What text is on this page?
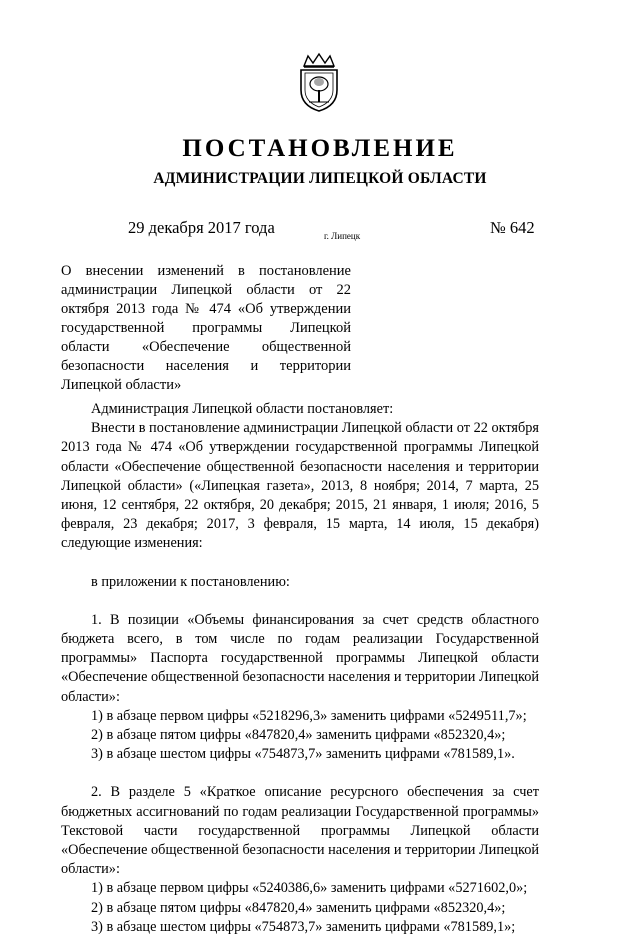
ПОСТАНОВЛЕНИЕ
АДМИНИСТРАЦИИ ЛИПЕЦКОЙ ОБЛАСТИ
29 декабря 2017 года	г. Липецк	№ 642
О внесении изменений в постановление администрации Липецкой области от 22 октября 2013 года № 474 «Об утверждении государственной программы Липецкой области «Обеспечение общественной безопасности населения и территории Липецкой области»

Администрация Липецкой области постановляет:

Внести в постановление администрации Липецкой области от 22 октября 2013 года № 474 «Об утверждении государственной программы Липецкой области «Обеспечение общественной безопасности населения и территории Липецкой области» («Липецкая газета», 2013, 8 ноября; 2014, 7 марта, 25 июня, 12 сентября, 22 октября, 20 декабря; 2015, 21 января, 1 июля; 2016, 5 февраля, 23 декабря; 2017, 3 февраля, 15 марта, 14 июля, 15 декабря) следующие изменения:

в приложении к постановлению:

1. В позиции «Объемы финансирования за счет средств областного бюджета всего, в том числе по годам реализации Государственной программы» Паспорта государственной программы Липецкой области «Обеспечение общественной безопасности населения и территории Липецкой области»:

1) в абзаце первом цифры «5218296,3» заменить цифрами «5249511,7»;

2) в абзаце пятом цифры «847820,4» заменить цифрами «852320,4»;

3) в абзаце шестом цифры «754873,7» заменить цифрами «781589,1».

2. В разделе 5 «Краткое описание ресурсного обеспечения за счет бюджетных ассигнований по годам реализации Государственной программы» Текстовой части государственной программы Липецкой области «Обеспечение общественной безопасности населения и территории Липецкой области»:

1) в абзаце первом цифры «5240386,6» заменить цифрами «5271602,0»;

2) в абзаце пятом цифры «847820,4» заменить цифрами «852320,4»;

3) в абзаце шестом цифры «754873,7» заменить цифрами «781589,1»;
